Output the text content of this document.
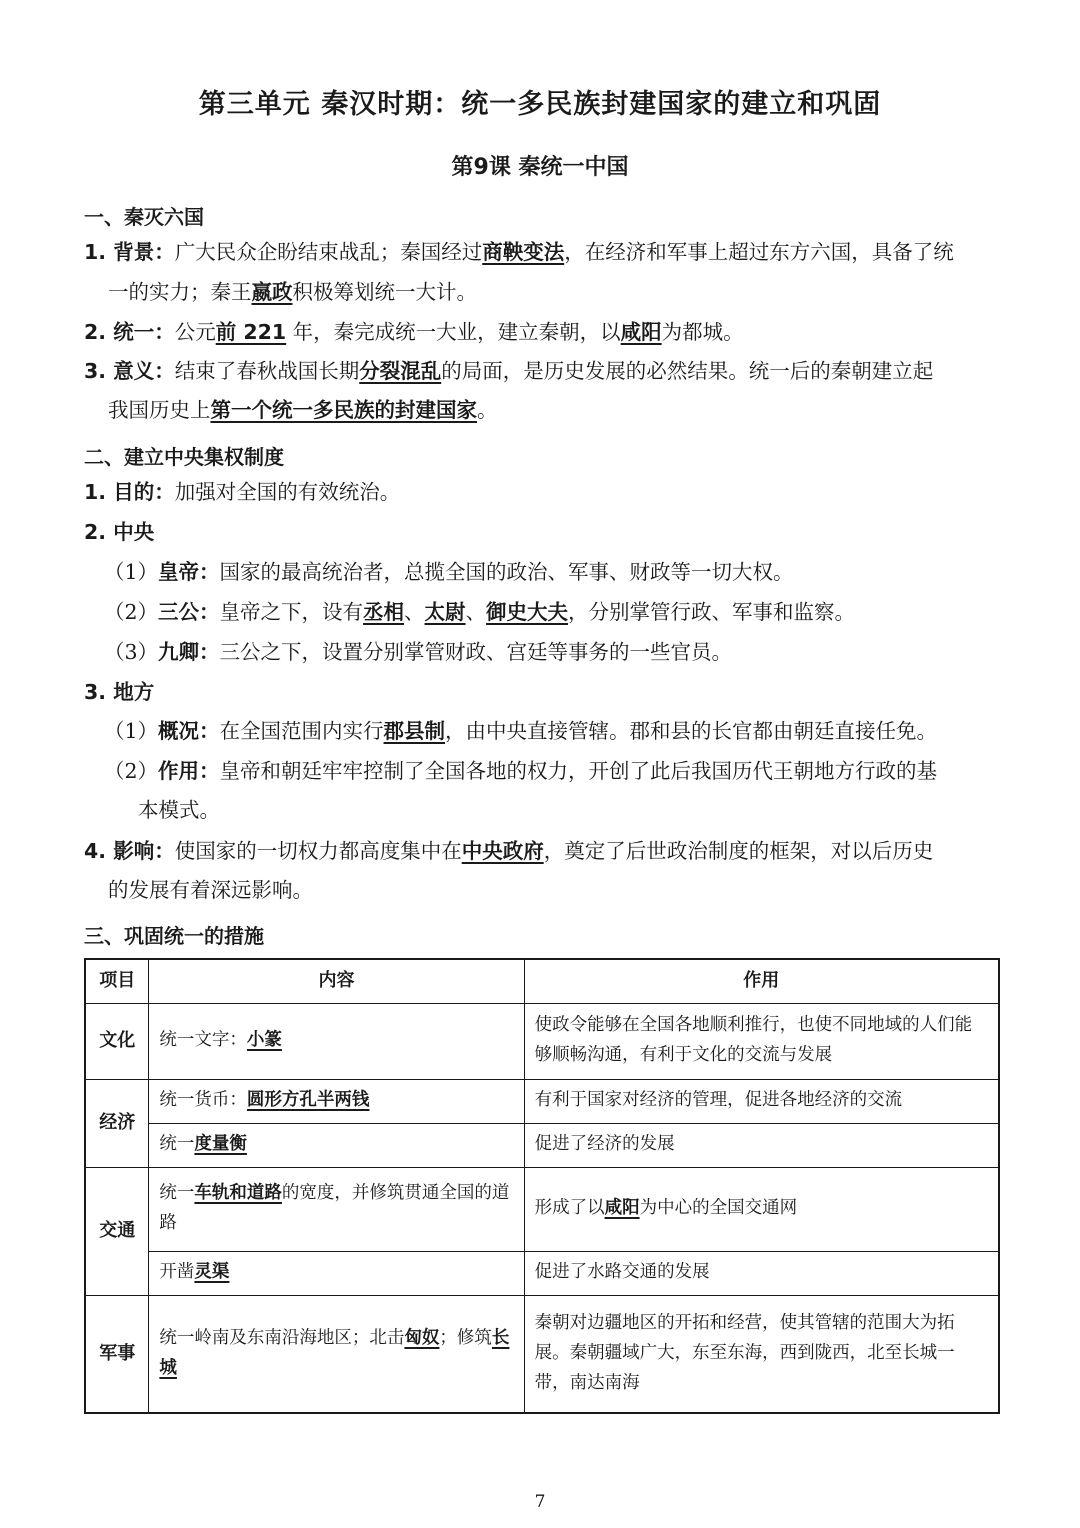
第三单元 秦汉时期：统一多民族封建国家的建立和巩固
第9课 秦统一中国
一、秦灭六国
1. 背景：广大民众企盼结束战乱；秦国经过商鞅变法，在经济和军事上超过东方六国，具备了统
一的实力；秦王嬴政积极筹划统一大计。
2. 统一：公元前 221 年，秦完成统一大业，建立秦朝，以咸阳为都城。
3. 意义：结束了春秋战国长期分裂混乱的局面，是历史发展的必然结果。统一后的秦朝建立起
我国历史上第一个统一多民族的封建国家。
二、建立中央集权制度
1. 目的：加强对全国的有效统治。
2. 中央
（1）皇帝：国家的最高统治者，总揽全国的政治、军事、财政等一切大权。
（2）三公：皇帝之下，设有丞相、太尉、御史大夫，分别掌管行政、军事和监察。
（3）九卿：三公之下，设置分别掌管财政、宫廷等事务的一些官员。
3. 地方
（1）概况：在全国范围内实行郡县制，由中央直接管辖。郡和县的长官都由朝廷直接任免。
（2）作用：皇帝和朝廷牢牢控制了全国各地的权力，开创了此后我国历代王朝地方行政的基
本模式。
4. 影响：使国家的一切权力都高度集中在中央政府，奠定了后世政治制度的框架，对以后历史
的发展有着深远影响。
三、巩固统一的措施
项目	内容	作用
文化	统一文字：小篆	使政令能够在全国各地顺利推行，也使不同地域的人们能够顺畅沟通，有利于文化的交流与发展
经济	统一货币：圆形方孔半两钱	有利于国家对经济的管理，促进各地经济的交流
	统一度量衡	促进了经济的发展
交通	统一车轨和道路的宽度，并修筑贯通全国的道路	形成了以咸阳为中心的全国交通网
	开凿灵渠	促进了水路交通的发展
军事	统一岭南及东南沿海地区；北击匈奴；修筑长城	秦朝对边疆地区的开拓和经营，使其管辖的范围大为拓展。秦朝疆域广大，东至东海，西到陇西，北至长城一带，南达南海
7
